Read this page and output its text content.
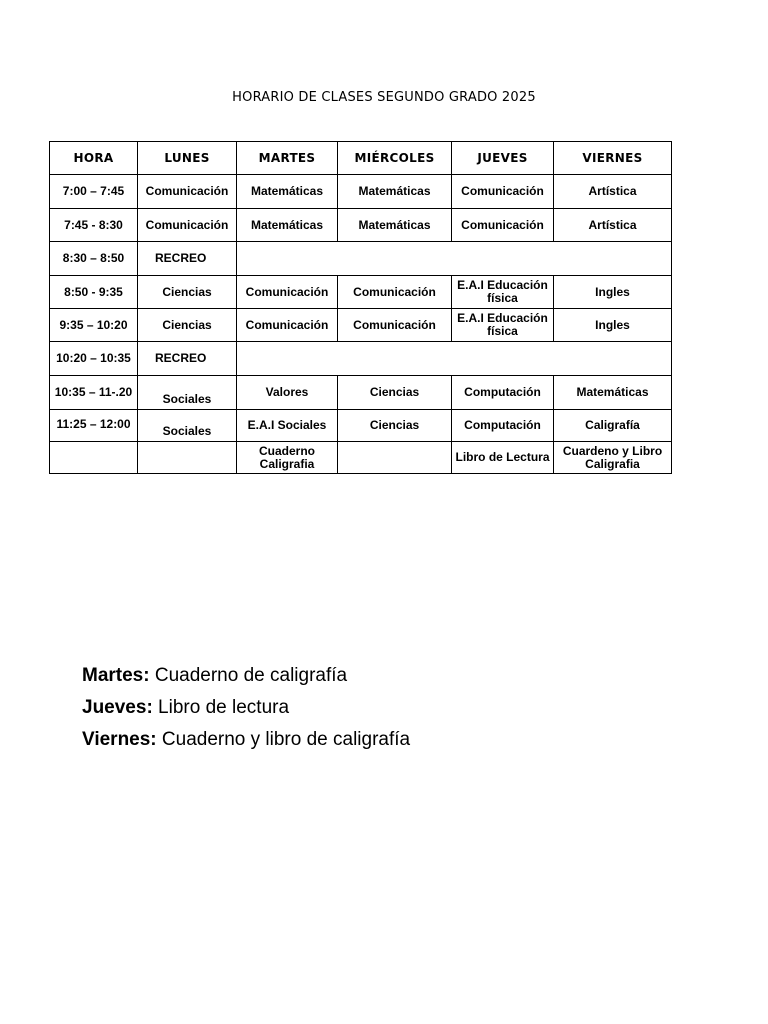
HORARIO DE CLASES SEGUNDO GRADO 2025
HORA	LUNES	MARTES	MIÉRCOLES	JUEVES	VIERNES
7:00 – 7:45	Comunicación	Matemáticas	Matemáticas	Comunicación	Artística
7:45 - 8:30	Comunicación	Matemáticas	Matemáticas	Comunicación	Artística
8:30 – 8:50	RECREO				
8:50 - 9:35	Ciencias	Comunicación	Comunicación	E.A.I Educación física	Ingles
9:35 – 10:20	Ciencias	Comunicación	Comunicación	E.A.I Educación física	Ingles
10:20 – 10:35	RECREO				
10:35 – 11-.20	Sociales	Valores	Ciencias	Computación	Matemáticas
11:25 – 12:00	Sociales	E.A.I Sociales	Ciencias	Computación	Caligrafía
		Cuaderno Caligrafia		Libro de Lectura	Cuardeno y Libro Caligrafia
Martes: Cuaderno de caligrafía
Jueves: Libro de lectura
Viernes: Cuaderno y libro de caligrafía
